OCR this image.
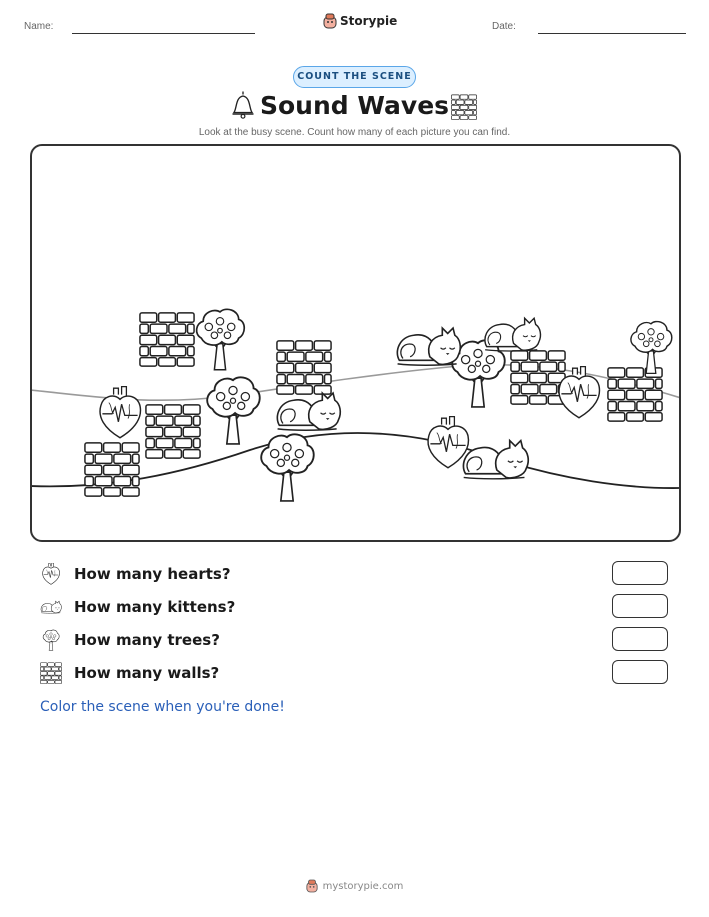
Name:	Storypie	Date:
COUNT THE SCENE
Sound Waves
Look at the busy scene. Count how many of each picture you can find.
How many hearts?
How many kittens?
How many trees?
How many walls?
Color the scene when you're done!
mystorypie.com
